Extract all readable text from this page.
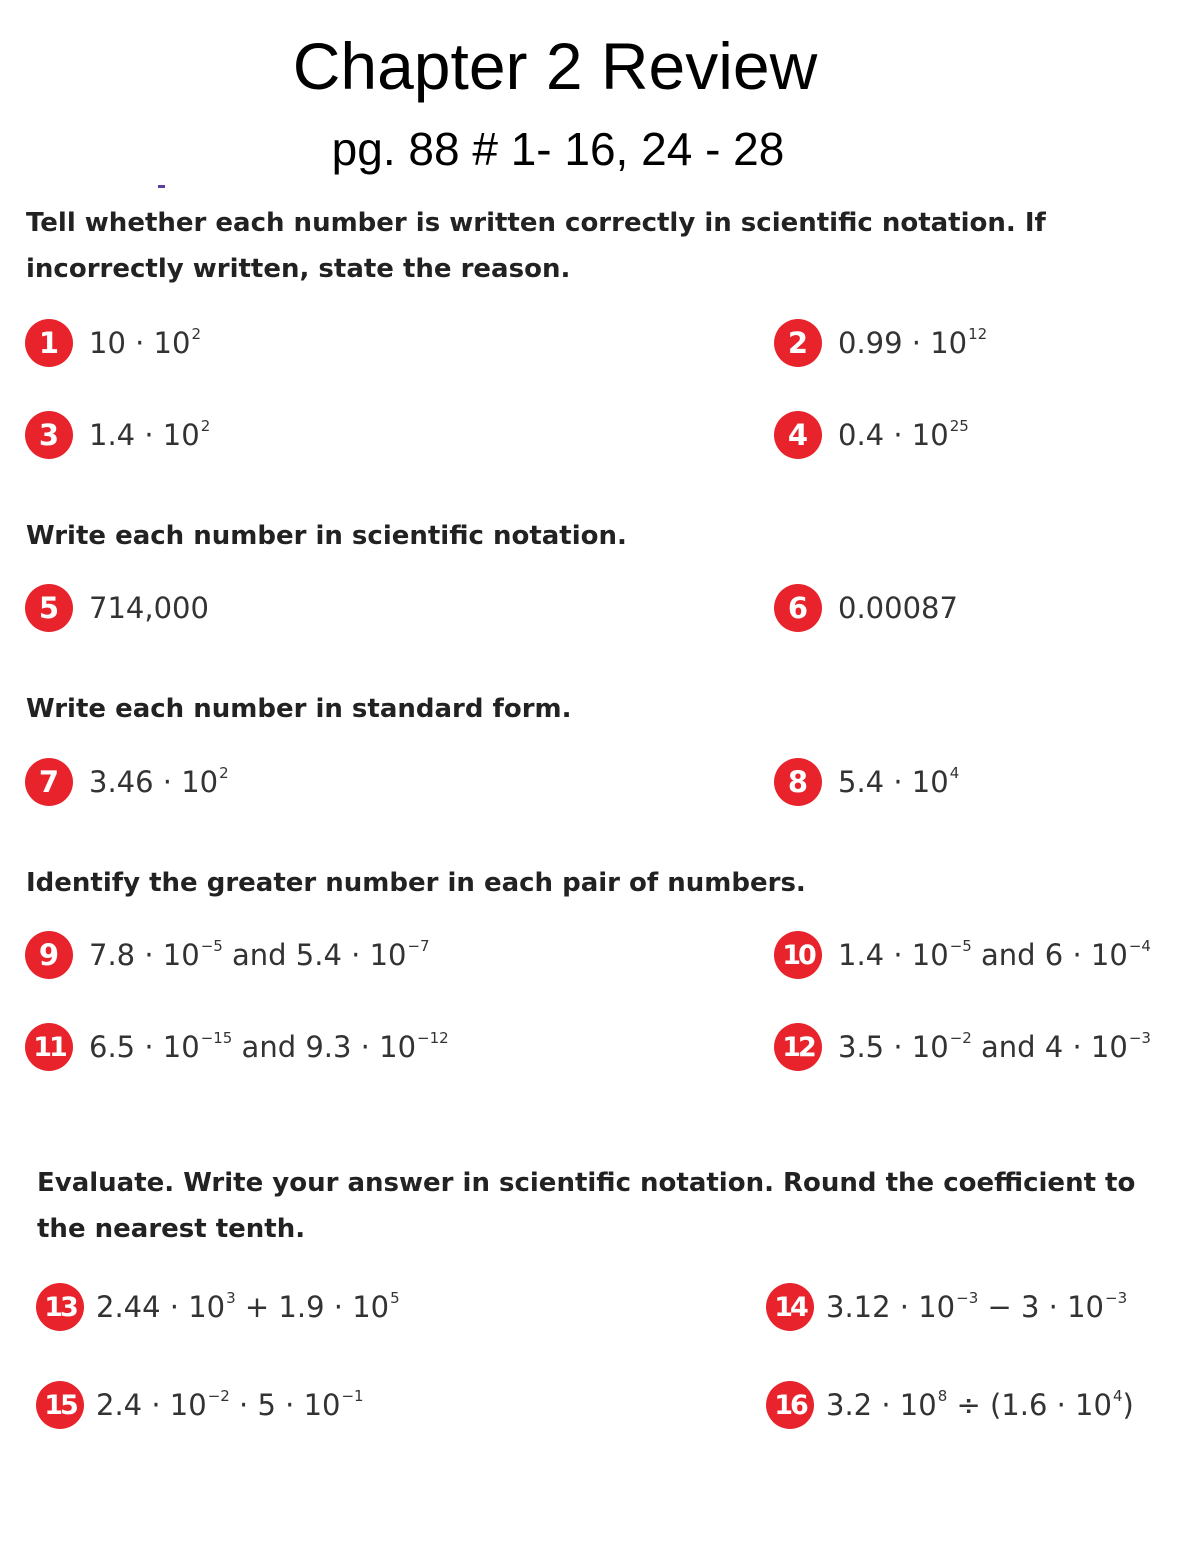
Chapter 2 Review
pg. 88 # 1- 16, 24 - 28
Tell whether each number is written correctly in scientific notation. If incorrectly written, state the reason.
Write each number in scientific notation.
Write each number in standard form.
Identify the greater number in each pair of numbers.
Evaluate. Write your answer in scientific notation. Round the coefficient to the nearest tenth.
1	$10 \cdot 10^2$	2	$0.99 \cdot 10^{12}$
3	$1.4 \cdot 10^2$	4	$0.4 \cdot 10^{25}$
5	714,000	6	0.00087
7	$3.46 \cdot 10^2$	8	$5.4 \cdot 10^4$
9	$7.8 \cdot 10^{-5}$ and $5.4 \cdot 10^{-7}$	10 $1.4 \cdot 10^{-5}$ and $6 \cdot 10^{-4}$
11 $6.5 \cdot 10^{-15}$ and $9.3 \cdot 10^{-12}$	12 $3.5 \cdot 10^{-2}$ and $4 \cdot 10^{-3}$
13 $2.44 \cdot 10^3 + 1.9 \cdot 10^5$	14 $3.12 \cdot 10^{-3} - 3 \cdot 10^{-3}$
15 $2.4 \cdot 10^{-2} \cdot 5 \cdot 10^{-1}$	16 $3.2 \cdot 10^8 \div (1.6 \cdot 10^4)$
